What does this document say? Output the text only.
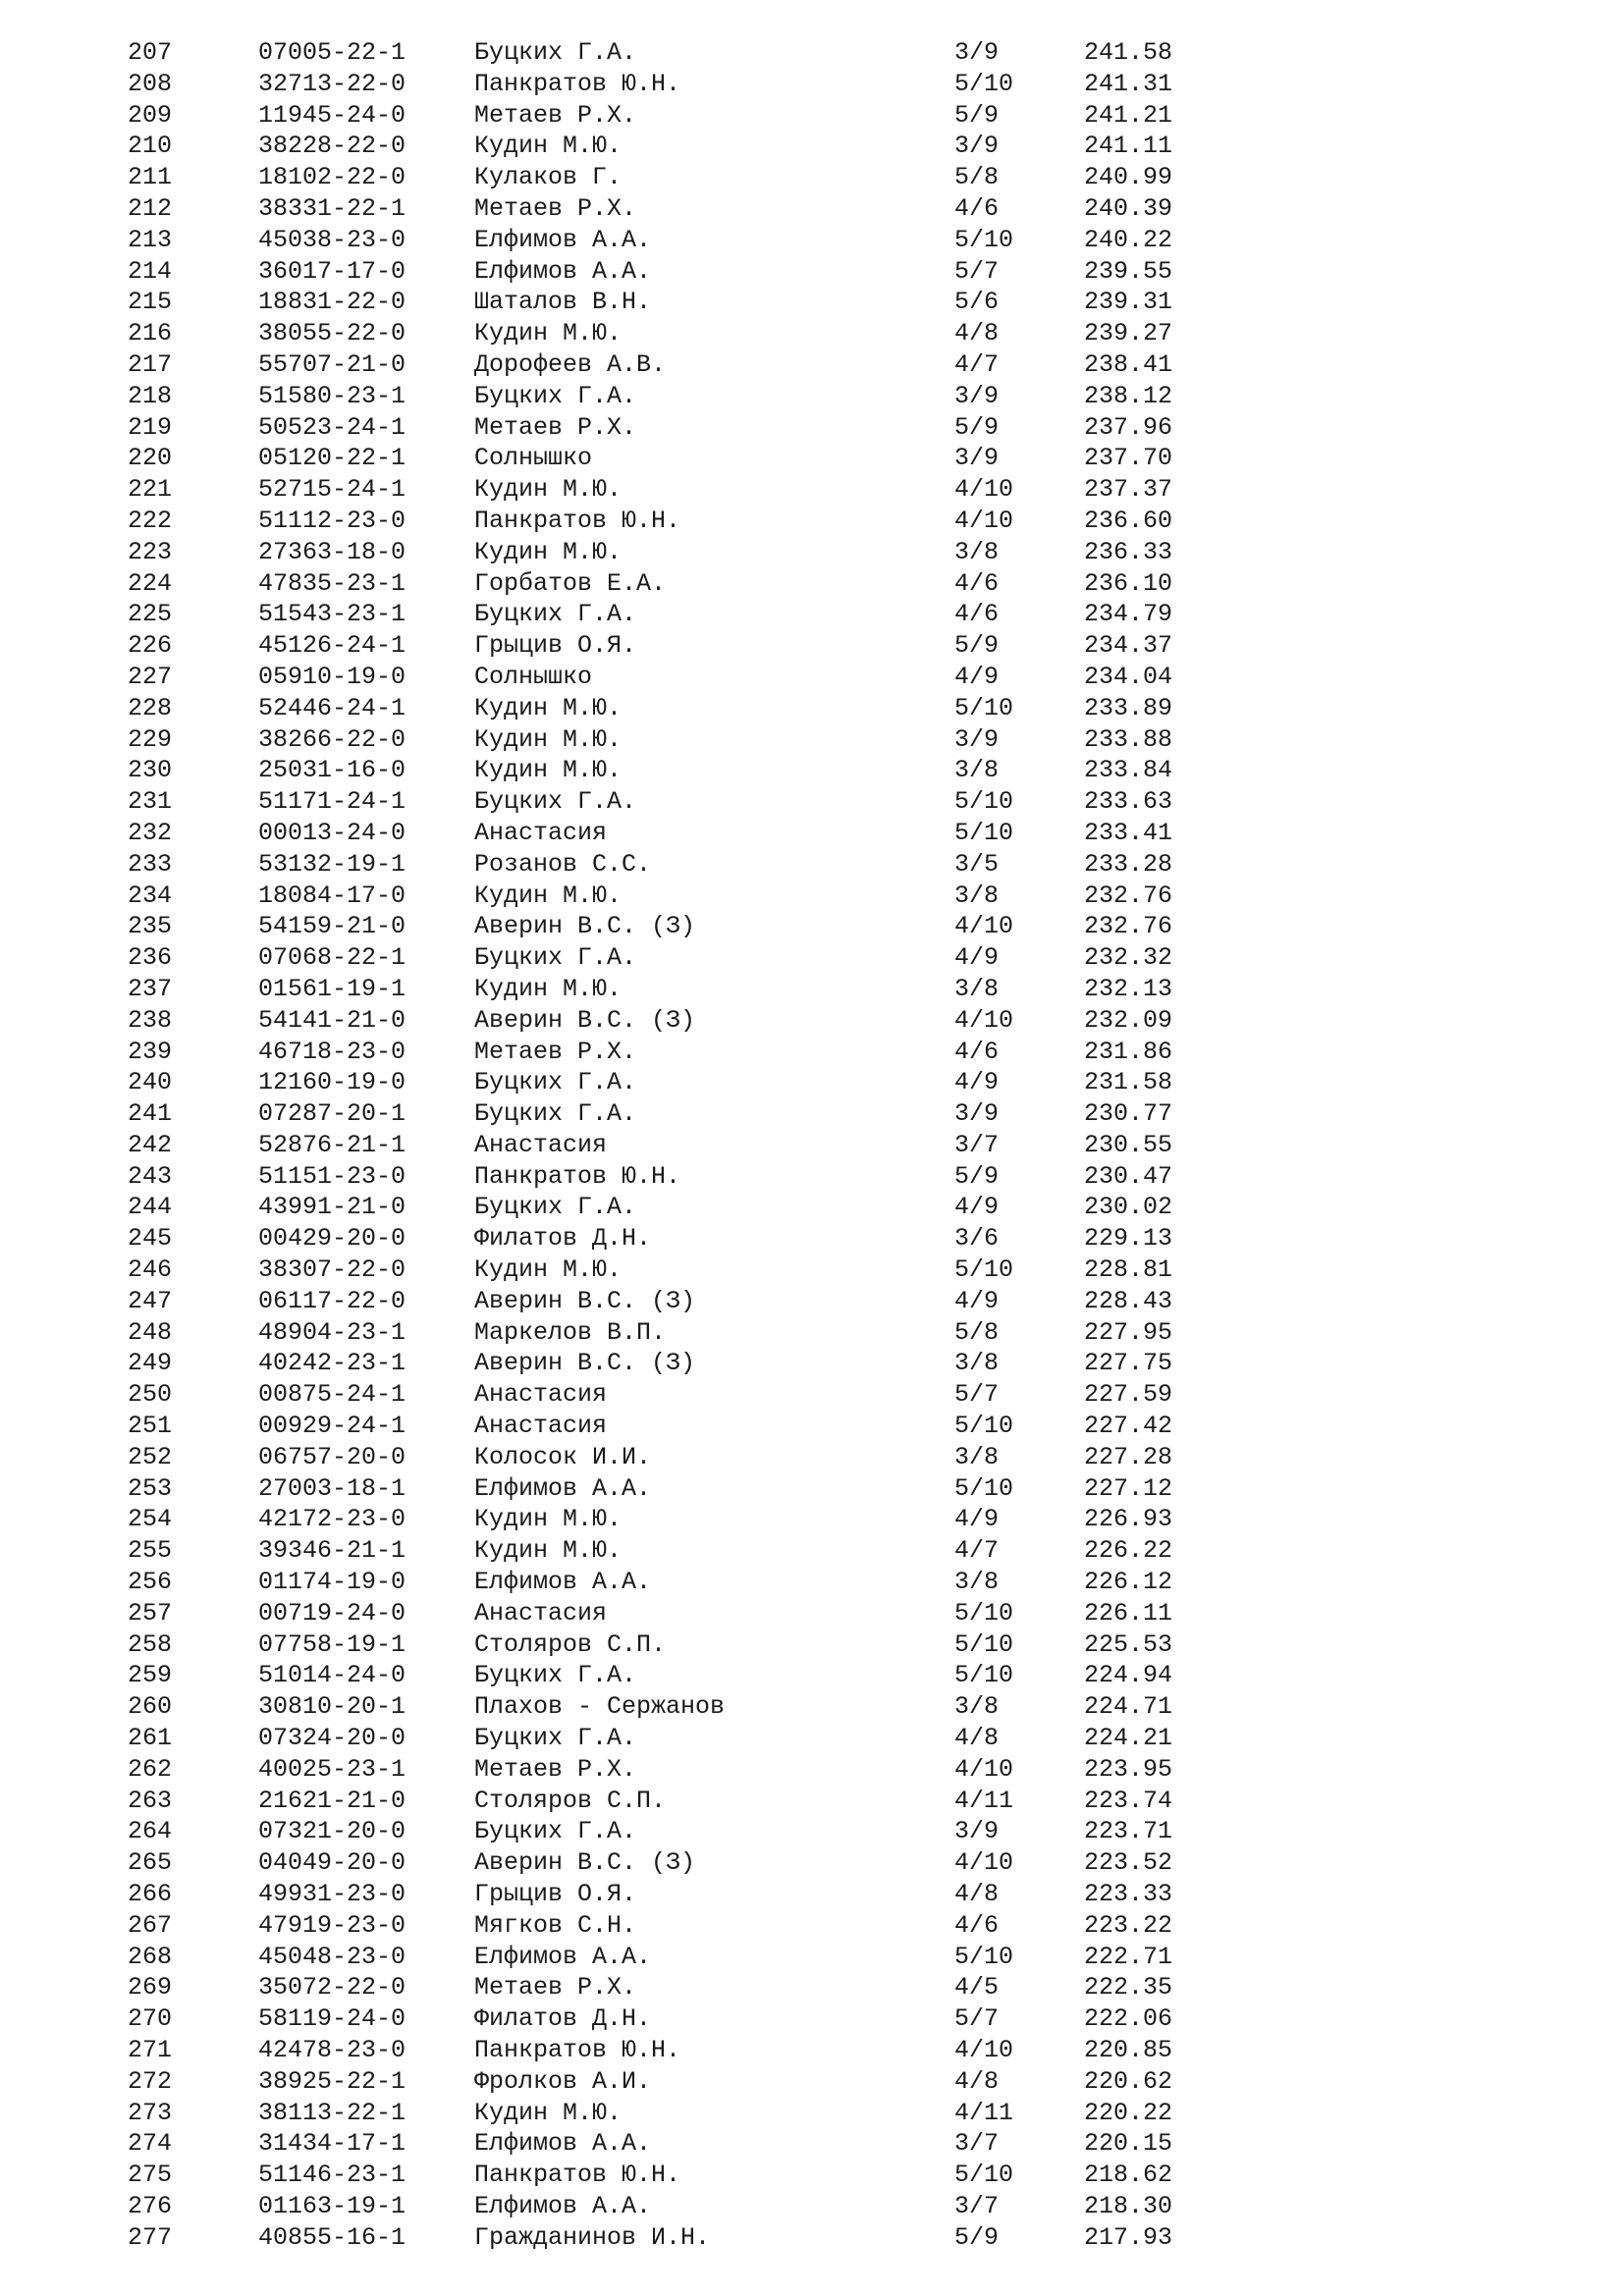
207	07005-22-1	Буцких Г.А.	3/9	241.58
208	32713-22-0	Панкратов Ю.Н.	5/10	241.31
209	11945-24-0	Метаев Р.Х.	5/9	241.21
210	38228-22-0	Кудин М.Ю.	3/9	241.11
211	18102-22-0	Кулаков Г.	5/8	240.99
212	38331-22-1	Метаев Р.Х.	4/6	240.39
213	45038-23-0	Елфимов А.А.	5/10	240.22
214	36017-17-0	Елфимов А.А.	5/7	239.55
215	18831-22-0	Шаталов В.Н.	5/6	239.31
216	38055-22-0	Кудин М.Ю.	4/8	239.27
217	55707-21-0	Дорофеев А.В.	4/7	238.41
218	51580-23-1	Буцких Г.А.	3/9	238.12
219	50523-24-1	Метаев Р.Х.	5/9	237.96
220	05120-22-1	Солнышко	3/9	237.70
221	52715-24-1	Кудин М.Ю.	4/10	237.37
222	51112-23-0	Панкратов Ю.Н.	4/10	236.60
223	27363-18-0	Кудин М.Ю.	3/8	236.33
224	47835-23-1	Горбатов Е.А.	4/6	236.10
225	51543-23-1	Буцких Г.А.	4/6	234.79
226	45126-24-1	Грыцив О.Я.	5/9	234.37
227	05910-19-0	Солнышко	4/9	234.04
228	52446-24-1	Кудин М.Ю.	5/10	233.89
229	38266-22-0	Кудин М.Ю.	3/9	233.88
230	25031-16-0	Кудин М.Ю.	3/8	233.84
231	51171-24-1	Буцких Г.А.	5/10	233.63
232	00013-24-0	Анастасия	5/10	233.41
233	53132-19-1	Розанов С.С.	3/5	233.28
234	18084-17-0	Кудин М.Ю.	3/8	232.76
235	54159-21-0	Аверин В.С. (З)	4/10	232.76
236	07068-22-1	Буцких Г.А.	4/9	232.32
237	01561-19-1	Кудин М.Ю.	3/8	232.13
238	54141-21-0	Аверин В.С. (З)	4/10	232.09
239	46718-23-0	Метаев Р.Х.	4/6	231.86
240	12160-19-0	Буцких Г.А.	4/9	231.58
241	07287-20-1	Буцких Г.А.	3/9	230.77
242	52876-21-1	Анастасия	3/7	230.55
243	51151-23-0	Панкратов Ю.Н.	5/9	230.47
244	43991-21-0	Буцких Г.А.	4/9	230.02
245	00429-20-0	Филатов Д.Н.	3/6	229.13
246	38307-22-0	Кудин М.Ю.	5/10	228.81
247	06117-22-0	Аверин В.С. (З)	4/9	228.43
248	48904-23-1	Маркелов В.П.	5/8	227.95
249	40242-23-1	Аверин В.С. (З)	3/8	227.75
250	00875-24-1	Анастасия	5/7	227.59
251	00929-24-1	Анастасия	5/10	227.42
252	06757-20-0	Колосок И.И.	3/8	227.28
253	27003-18-1	Елфимов А.А.	5/10	227.12
254	42172-23-0	Кудин М.Ю.	4/9	226.93
255	39346-21-1	Кудин М.Ю.	4/7	226.22
256	01174-19-0	Елфимов А.А.	3/8	226.12
257	00719-24-0	Анастасия	5/10	226.11
258	07758-19-1	Столяров С.П.	5/10	225.53
259	51014-24-0	Буцких Г.А.	5/10	224.94
260	30810-20-1	Плахов - Сержанов	3/8	224.71
261	07324-20-0	Буцких Г.А.	4/8	224.21
262	40025-23-1	Метаев Р.Х.	4/10	223.95
263	21621-21-0	Столяров С.П.	4/11	223.74
264	07321-20-0	Буцких Г.А.	3/9	223.71
265	04049-20-0	Аверин В.С. (З)	4/10	223.52
266	49931-23-0	Грыцив О.Я.	4/8	223.33
267	47919-23-0	Мягков С.Н.	4/6	223.22
268	45048-23-0	Елфимов А.А.	5/10	222.71
269	35072-22-0	Метаев Р.Х.	4/5	222.35
270	58119-24-0	Филатов Д.Н.	5/7	222.06
271	42478-23-0	Панкратов Ю.Н.	4/10	220.85
272	38925-22-1	Фролков А.И.	4/8	220.62
273	38113-22-1	Кудин М.Ю.	4/11	220.22
274	31434-17-1	Елфимов А.А.	3/7	220.15
275	51146-23-1	Панкратов Ю.Н.	5/10	218.62
276	01163-19-1	Елфимов А.А.	3/7	218.30
277	40855-16-1	Гражданинов И.Н.	5/9	217.93
